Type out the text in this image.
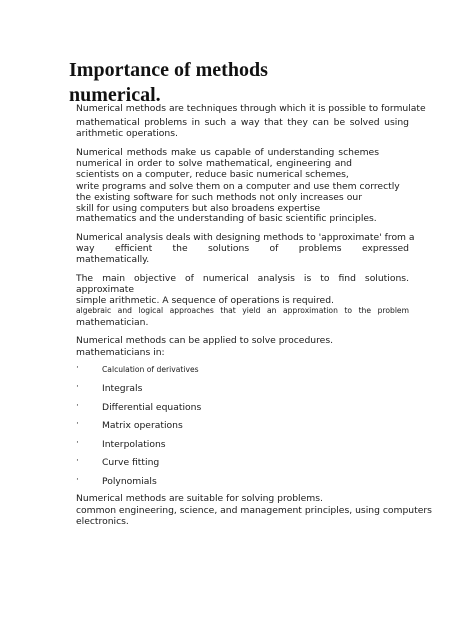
Importance of methods
numerical.
Numerical methods are techniques through which it is possible to formulate
mathematical problems in such a way that they can be solved using
arithmetic operations.
Numerical methods make us capable of understanding schemes
numerical in order to solve mathematical, engineering and
scientists on a computer, reduce basic numerical schemes,
write programs and solve them on a computer and use them correctly
the existing software for such methods not only increases our
skill for using computers but also broadens expertise
mathematics and the understanding of basic scientific principles.
Numerical analysis deals with designing methods to 'approximate' from a
way efficient the solutions of problems expressed
mathematically.
The main objective of numerical analysis is to find solutions.
approximate
simple arithmetic. A sequence of operations is required.
algebraic and logical approaches that yield an approximation to the problem
mathematician.
Numerical methods can be applied to solve procedures.
mathematicians in:
·	Calculation of derivatives
·	Integrals
·	Differential equations
·	Matrix operations
·	Interpolations
·	Curve fitting
·	Polynomials
Numerical methods are suitable for solving problems.
common engineering, science, and management principles, using computers
electronics.
